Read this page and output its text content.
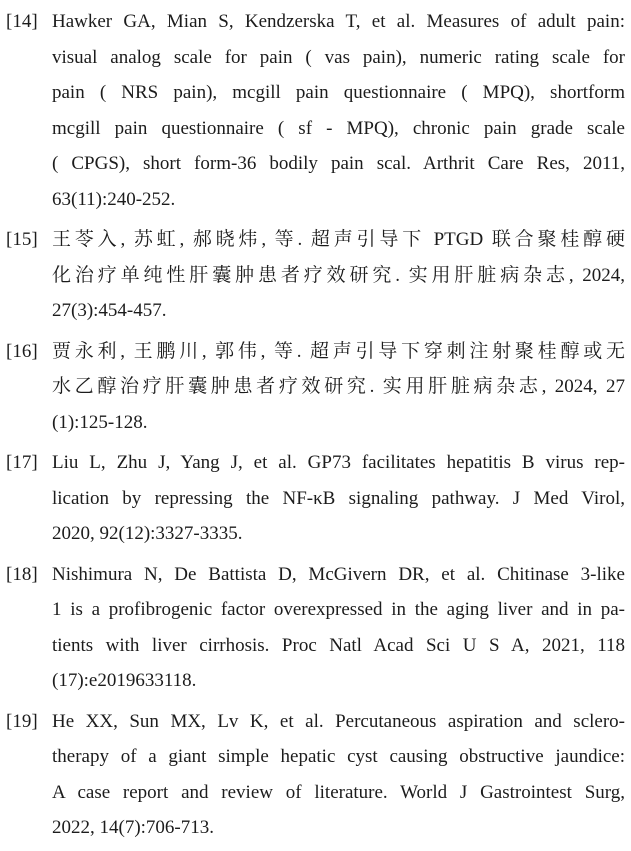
[14] Hawker GA, Mian S, Kendzerska T, et al. Measures of adult pain:
visual analog scale for pain ( vas pain), numeric rating scale for
pain ( NRS pain), mcgill pain questionnaire ( MPQ), shortform
mcgill pain questionnaire ( sf - MPQ), chronic pain grade scale
( CPGS), short form-36 bodily pain scal. Arthrit Care Res, 2011,
63(11):240-252.
[15] 王苓入, 苏虹, 郝晓炜, 等. 超声引导下 PTGD 联合聚桂醇硬
化治疗单纯性肝囊肿患者疗效研究. 实用肝脏病杂志, 2024,
27(3):454-457.
[16] 贾永利, 王鹏川, 郭伟, 等. 超声引导下穿刺注射聚桂醇或无
水乙醇治疗肝囊肿患者疗效研究. 实用肝脏病杂志, 2024, 27
(1):125-128.
[17] Liu L, Zhu J, Yang J, et al. GP73 facilitates hepatitis B virus rep-
lication by repressing the NF-κB signaling pathway. J Med Virol,
2020, 92(12):3327-3335.
[18] Nishimura N, De Battista D, McGivern DR, et al. Chitinase 3-like
1 is a profibrogenic factor overexpressed in the aging liver and in pa-
tients with liver cirrhosis. Proc Natl Acad Sci U S A, 2021, 118
(17):e2019633118.
[19] He XX, Sun MX, Lv K, et al. Percutaneous aspiration and sclero-
therapy of a giant simple hepatic cyst causing obstructive jaundice:
A case report and review of literature. World J Gastrointest Surg,
2022, 14(7):706-713.
